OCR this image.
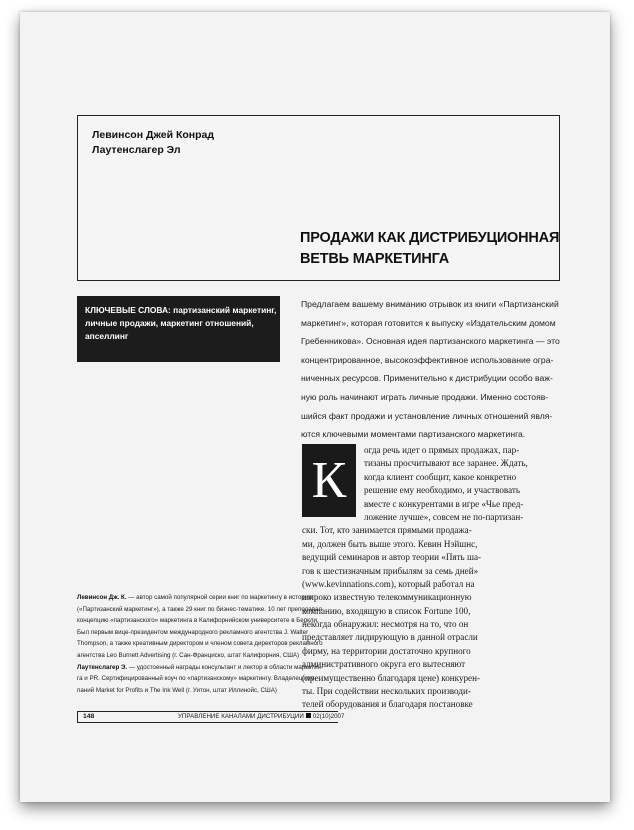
Левинсон Джей Конрад
Лаутенслагер Эл
ПРОДАЖИ КАК ДИСТРИБУЦИОННАЯ
ВЕТВЬ МАРКЕТИНГА
КЛЮЧЕВЫЕ СЛОВА: партизанский маркетинг,
личные продажи, маркетинг отношений,
апселлинг
Предлагаем вашему вниманию отрывок из книги «Партизанский
маркетинг», которая готовится к выпуску «Издательским домом
Гребенникова». Основная идея партизанского маркетинга — это
концентрированное, высокоэффективное использование огра-
ниченных ресурсов. Применительно к дистрибуции особо важ-
ную роль начинают играть личные продажи. Именно состояв-
шийся факт продажи и установление личных отношений явля-
ются ключевыми моментами партизанского маркетинга.
огда речь идет о прямых продажах, пар-
тизаны просчитывают все заранее. Ждать,
когда клиент сообщит, какое конкретно
решение ему необходимо, и участвовать
вместе с конкурентами в игре «Чье пред-
ложение лучше», совсем не по-партизан-
ски. Тот, кто занимается прямыми продажа-
ми, должен быть выше этого. Кевин Нэйшнс,
ведущий семинаров и автор теории «Пять ша-
гов к шестизначным прибылям за семь дней»
(www.kevinnations.com), который работал на
широко известную телекоммуникационную
компанию, входящую в список Fortune 100,
некогда обнаружил: несмотря на то, что он
представляет лидирующую в данной отрасли
фирму, на территории достаточно крупного
административного округа его вытесняют
(преимущественно благодаря цене) конкурен-
ты. При содействии нескольких производи-
телей оборудования и благодаря постановке
К
Левинсон Дж. К. — автор самой популярной серии книг по маркетингу в истории
(«Партизанский маркетинг»), а также 29 книг по бизнес-тематике. 10 лет преподавал
концепцию «партизанского» маркетинга в Калифорнийском университете в Беркли.
Был первым вице-президентом международного рекламного агентства J. Walter
Thompson, а также креативным директором и членом совета директоров рекламного
агентства Leo Burnett Advertising (г. Сан-Франциско, штат Калифорния, США)
Лаутенслагер Э. — удостоенный награды консультант и лектор в области маркетин-
га и PR. Сертифицированный коуч по «партизанскому» маркетингу. Владелец ком-
паний Market for Profits и The Ink Well (г. Уитон, штат Иллинойс, США)
148	УПРАВЛЕНИЕ КАНАЛАМИ ДИСТРИБУЦИИ 02(10)2007
